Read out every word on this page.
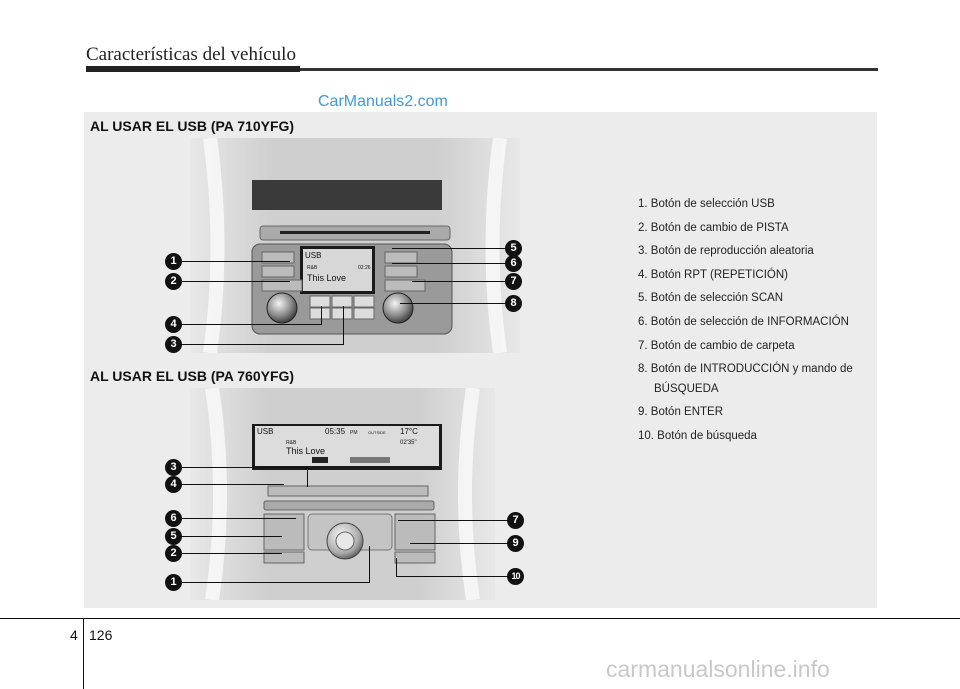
Características del vehículo
CarManuals2.com
AL USAR EL USB (PA 710YFG)
AL USAR EL USB (PA 760YFG)
USB
R&B	02:26
This Love
USB	05:35 PM	OUTSIDE 17°C
R&B	02'35"
This Love
1
2
4
3
5
6
7
8
3
4
6
5
2
1
7
9
10
1. Botón de selección USB
2. Botón de cambio de PISTA
3. Botón de reproducción aleatoria
4. Botón RPT (REPETICIÓN)
5. Botón de selección SCAN
6. Botón de selección de INFORMACIÓN
7. Botón de cambio de carpeta
8. Botón de INTRODUCCIÓN y mando de
BÚSQUEDA
9. Botón ENTER
10. Botón de búsqueda
4 126
carmanualsonline.info
